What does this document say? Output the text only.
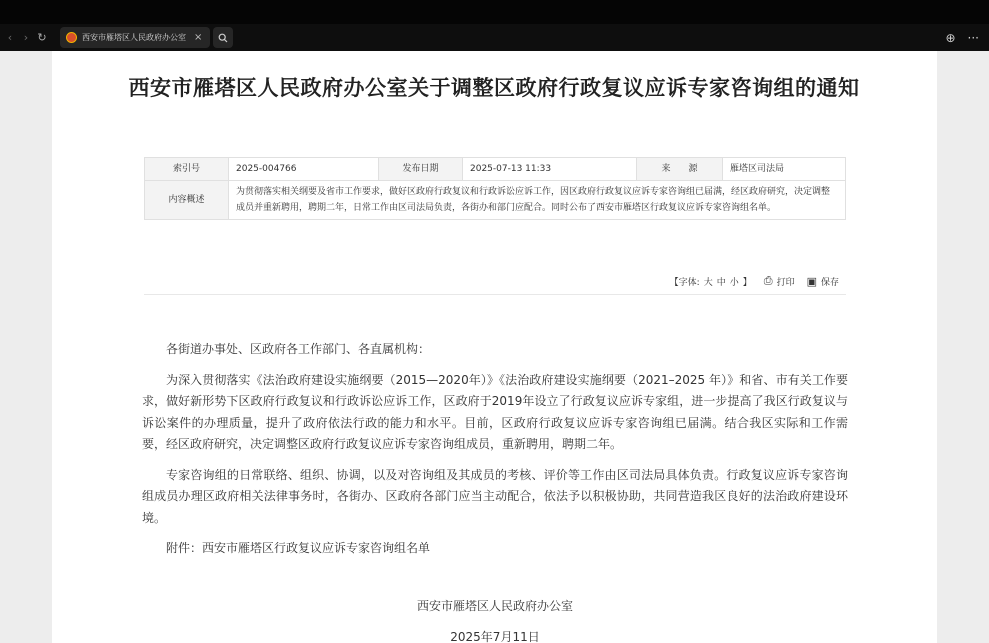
‹	› ↻	西安市雁塔区人民政府办公室 ×	⊕ ···
西安市雁塔区人民政府办公室关于调整区政府行政复议应诉专家咨询组的通知
索引号	2025-004766	发布日期	2025-07-13 11:33	来　　源	雁塔区司法局
内容概述	为贯彻落实相关纲要及省市工作要求，做好区政府行政复议和行政诉讼应诉工作，因区政府行政复议应诉专家咨询组已届满，经区政府研究，决定调整成员并重新聘用，聘期二年，日常工作由区司法局负责，各街办和部门应配合。同时公布了西安市雁塔区行政复议应诉专家咨询组名单。				
【字体: 大 中 小 】 ⎙ 打印 ▣ 保存

各街道办事处、区政府各工作部门、各直属机构：

为深入贯彻落实《法治政府建设实施纲要（2015—2020年）》《法治政府建设实施纲要（2021–2025 年）》和省、市有关工作要求，做好新形势下区政府行政复议和行政诉讼应诉工作，区政府于2019年设立了行政复议应诉专家组，进一步提高了我区行政复议与诉讼案件的办理质量，提升了政府依法行政的能力和水平。目前，区政府行政复议应诉专家咨询组已届满。结合我区实际和工作需要，经区政府研究，决定调整区政府行政复议应诉专家咨询组成员，重新聘用，聘期二年。

专家咨询组的日常联络、组织、协调，以及对咨询组及其成员的考核、评价等工作由区司法局具体负责。行政复议应诉专家咨询组成员办理区政府相关法律事务时，各街办、区政府各部门应当主动配合，依法予以积极协助，共同营造我区良好的法治政府建设环境。

附件：西安市雁塔区行政复议应诉专家咨询组名单

西安市雁塔区人民政府办公室
2025年7月11日
